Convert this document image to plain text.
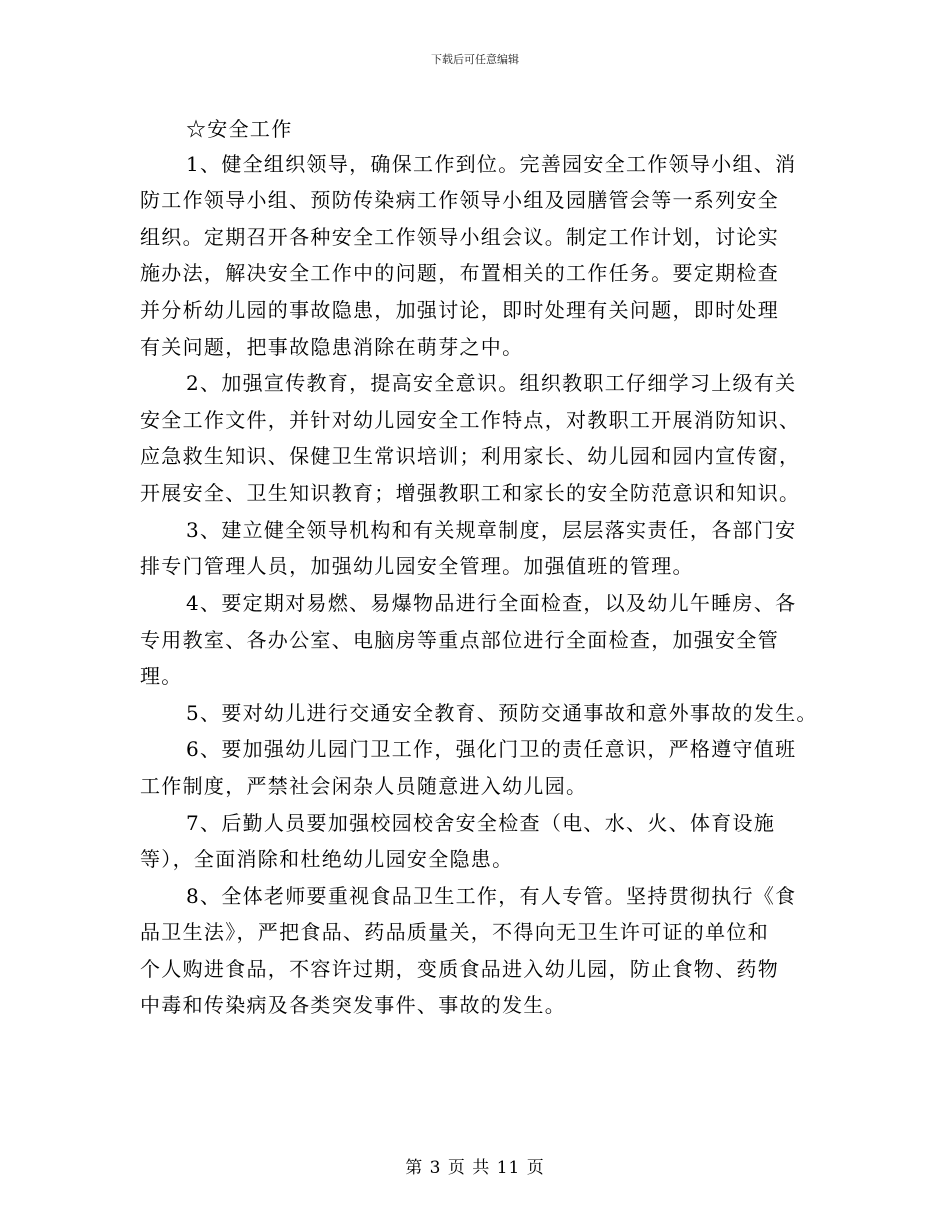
下载后可任意编辑
☆安全工作
1、健全组织领导，确保工作到位。完善园安全工作领导小组、消
防工作领导小组、预防传染病工作领导小组及园膳管会等一系列安全
组织。定期召开各种安全工作领导小组会议。制定工作计划，讨论实
施办法，解决安全工作中的问题，布置相关的工作任务。要定期检查
并分析幼儿园的事故隐患，加强讨论，即时处理有关问题，即时处理
有关问题，把事故隐患消除在萌芽之中。
2、加强宣传教育，提高安全意识。组织教职工仔细学习上级有关
安全工作文件，并针对幼儿园安全工作特点，对教职工开展消防知识、
应急救生知识、保健卫生常识培训；利用家长、幼儿园和园内宣传窗，
开展安全、卫生知识教育；增强教职工和家长的安全防范意识和知识。
3、建立健全领导机构和有关规章制度，层层落实责任，各部门安
排专门管理人员，加强幼儿园安全管理。加强值班的管理。
4、要定期对易燃、易爆物品进行全面检查，以及幼儿午睡房、各
专用教室、各办公室、电脑房等重点部位进行全面检查，加强安全管
理。
5、要对幼儿进行交通安全教育、预防交通事故和意外事故的发生。
6、要加强幼儿园门卫工作，强化门卫的责任意识，严格遵守值班
工作制度，严禁社会闲杂人员随意进入幼儿园。
7、后勤人员要加强校园校舍安全检查（电、水、火、体育设施
等），全面消除和杜绝幼儿园安全隐患。
8、全体老师要重视食品卫生工作，有人专管。坚持贯彻执行《食
品卫生法》，严把食品、药品质量关，不得向无卫生许可证的单位和
个人购进食品，不容许过期，变质食品进入幼儿园，防止食物、药物
中毒和传染病及各类突发事件、事故的发生。
第 3 页 共 11 页
